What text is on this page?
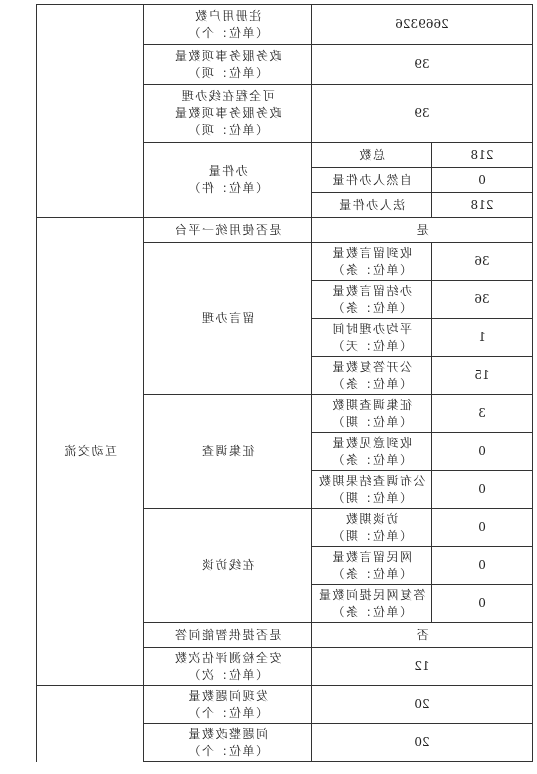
2669326		注册用户数
（单位：个）		

39		政务服务事项数量
（单位：项）		

39		可全程在线办理
政务服务事项数量
（单位：项）		

218	总数	办件量
（单位：件）		

0	自然人办件量			
218	法人办件量			
是		是否使用统一平台	互动交流	
36	收到留言数量
（单位：条）	留言办理		
36	办结留言数量
（单位：条）			

1	平均办理时间
（单位：天）			

15	公开答复数量
（单位：条）			

3	征集调查期数
（单位：期）	征集调查		
0	收到意见数量
（单位：条）			

0	公布调查结果期数
（单位：期）			

0	访谈期数
（单位：期）	在线访谈		
0	网民留言数量
（单位：条）			

0	答复网民提问数量
（单位：条）			

否		是否提供智能问答		
12		安全检测评估次数
（单位：次）

20		发现问题数量
（单位：个）		

20		问题整改数量
（单位：个）		
